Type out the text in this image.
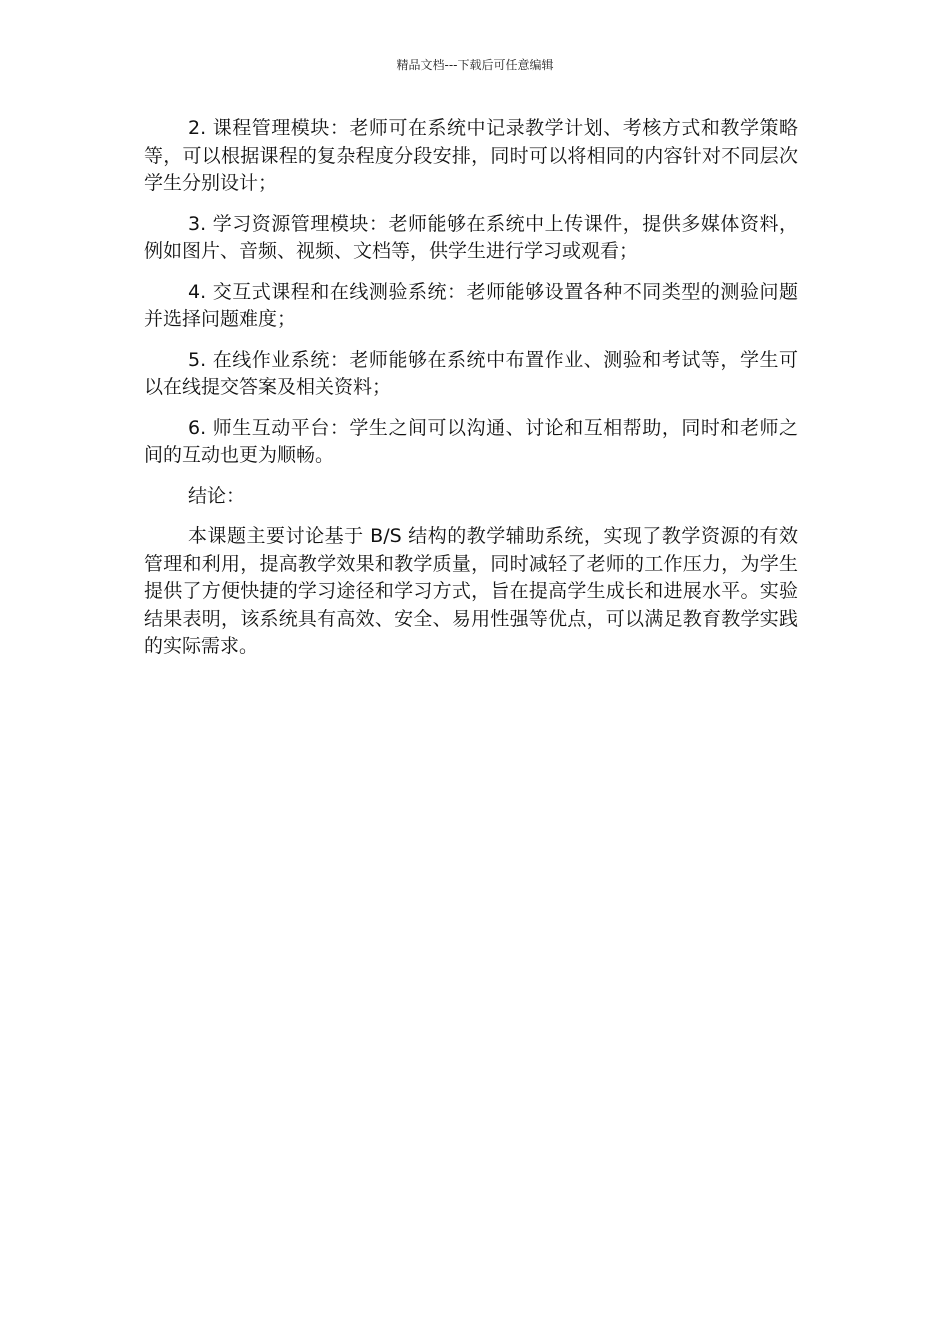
精品文档---下载后可任意编辑

2. 课程管理模块：老师可在系统中记录教学计划、考核方式和教学策略等，可以根据课程的复杂程度分段安排，同时可以将相同的内容针对不同层次学生分别设计；

3. 学习资源管理模块：老师能够在系统中上传课件，提供多媒体资料，例如图片、音频、视频、文档等，供学生进行学习或观看；

4. 交互式课程和在线测验系统：老师能够设置各种不同类型的测验问题并选择问题难度；

5. 在线作业系统：老师能够在系统中布置作业、测验和考试等，学生可以在线提交答案及相关资料；

6. 师生互动平台：学生之间可以沟通、讨论和互相帮助，同时和老师之间的互动也更为顺畅。

结论：

本课题主要讨论基于 B/S 结构的教学辅助系统，实现了教学资源的有效管理和利用，提高教学效果和教学质量，同时减轻了老师的工作压力，为学生提供了方便快捷的学习途径和学习方式，旨在提高学生成长和进展水平。实验结果表明，该系统具有高效、安全、易用性强等优点，可以满足教育教学实践的实际需求。
